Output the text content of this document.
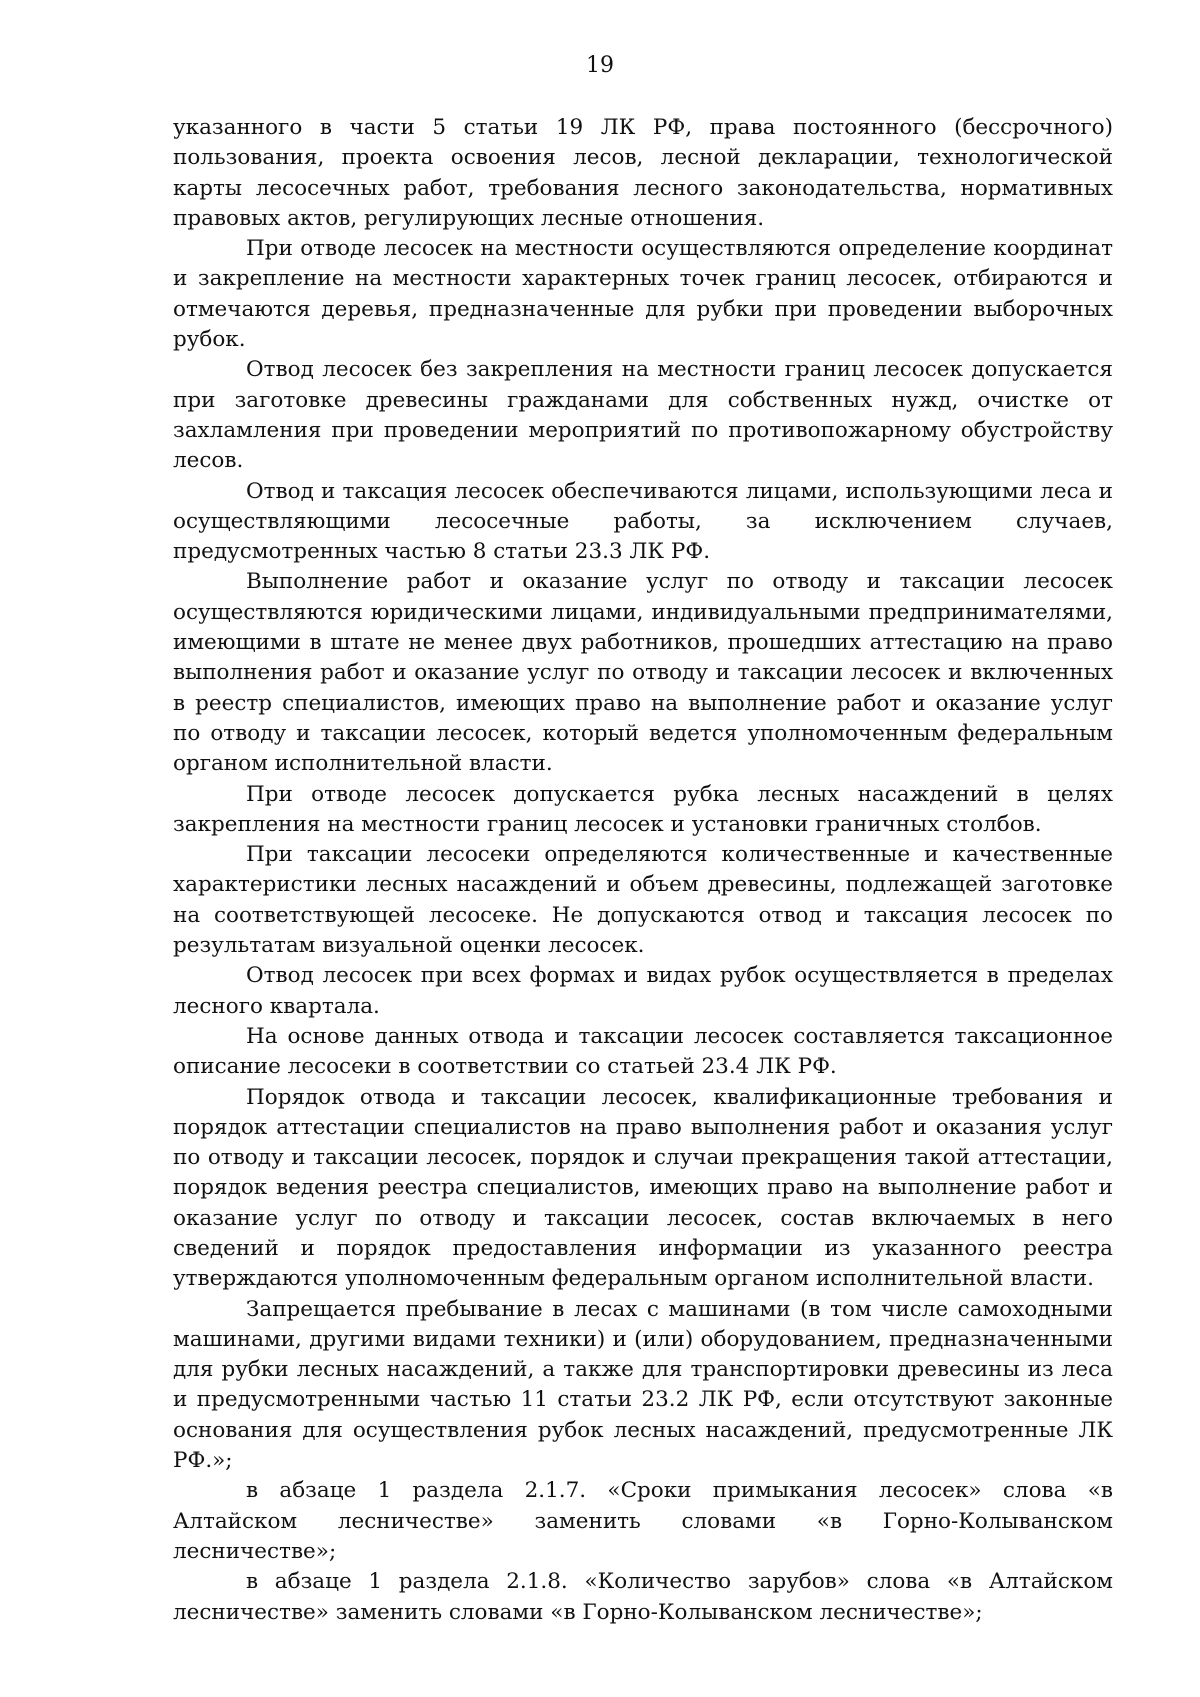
19

указанного в части 5 статьи 19 ЛК РФ, права постоянного (бессрочного) пользования, проекта освоения лесов, лесной декларации, технологической карты лесосечных работ, требования лесного законодательства, нормативных правовых актов, регулирующих лесные отношения.

При отводе лесосек на местности осуществляются определение координат и закрепление на местности характерных точек границ лесосек, отбираются и отмечаются деревья, предназначенные для рубки при проведении выборочных рубок.

Отвод лесосек без закрепления на местности границ лесосек допускается при заготовке древесины гражданами для собственных нужд, очистке от захламления при проведении мероприятий по противопожарному обустройству лесов.

Отвод и таксация лесосек обеспечиваются лицами, использующими леса и осуществляющими лесосечные работы, за исключением случаев, предусмотренных частью 8 статьи 23.3 ЛК РФ.

Выполнение работ и оказание услуг по отводу и таксации лесосек осуществляются юридическими лицами, индивидуальными предпринимателями, имеющими в штате не менее двух работников, прошедших аттестацию на право выполнения работ и оказание услуг по отводу и таксации лесосек и включенных в реестр специалистов, имеющих право на выполнение работ и оказание услуг по отводу и таксации лесосек, который ведется уполномоченным федеральным органом исполнительной власти.

При отводе лесосек допускается рубка лесных насаждений в целях закрепления на местности границ лесосек и установки граничных столбов.

При таксации лесосеки определяются количественные и качественные характеристики лесных насаждений и объем древесины, подлежащей заготовке на соответствующей лесосеке. Не допускаются отвод и таксация лесосек по результатам визуальной оценки лесосек.

Отвод лесосек при всех формах и видах рубок осуществляется в пределах лесного квартала.

На основе данных отвода и таксации лесосек составляется таксационное описание лесосеки в соответствии со статьей 23.4 ЛК РФ.

Порядок отвода и таксации лесосек, квалификационные требования и порядок аттестации специалистов на право выполнения работ и оказания услуг по отводу и таксации лесосек, порядок и случаи прекращения такой аттестации, порядок ведения реестра специалистов, имеющих право на выполнение работ и оказание услуг по отводу и таксации лесосек, состав включаемых в него сведений и порядок предоставления информации из указанного реестра утверждаются уполномоченным федеральным органом исполнительной власти.

Запрещается пребывание в лесах с машинами (в том числе самоходными машинами, другими видами техники) и (или) оборудованием, предназначенными для рубки лесных насаждений, а также для транспортировки древесины из леса и предусмотренными частью 11 статьи 23.2 ЛК РФ, если отсутствуют законные основания для осуществления рубок лесных насаждений, предусмотренные ЛК РФ.»;

в абзаце 1 раздела 2.1.7. «Сроки примыкания лесосек» слова «в Алтайском лесничестве» заменить словами «в Горно-Колыванском лесничестве»;

в абзаце 1 раздела 2.1.8. «Количество зарубов» слова «в Алтайском лесничестве» заменить словами «в Горно-Колыванском лесничестве»;
